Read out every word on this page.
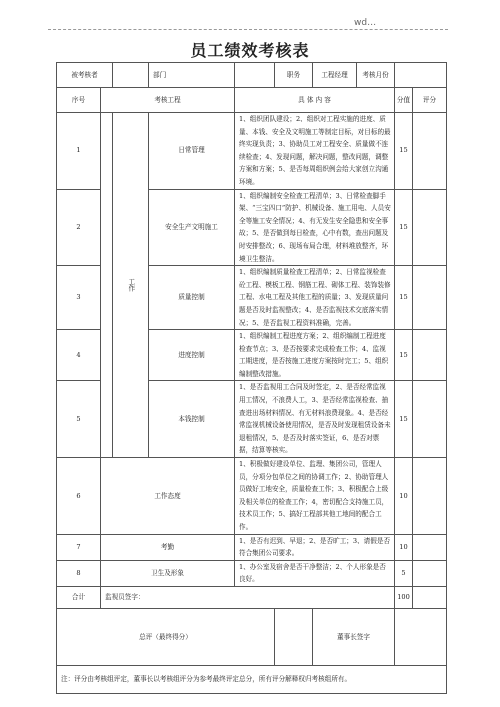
wd…
员工绩效考核表
被考核者			部门		职务	工程经理	考核月份		
序号	考核工程			具 体 内 容				分值	评分
1		工作	日常管理	1、组织团队建设；2、组织对工程实施的进度、质量、本钱、安全及文明施工等制定目标，对目标的最终实现负责；3、协助员工对工程安全、质量做不连续检查；4、发现问题，解决问题，整改问题，调整方案和方案；5、是否每周组织例会给大家创立沟通环境。				15	
2			安全生产文明施工	1、组织编制安全检查工程清单；3、日常检查脚手架、“三宝四口”防护、机械设备、施工用电、人员安全等施工安全情况；4、有无发生安全隐患和安全事故；5、是否做到每日检查，心中有数，查出问题及时安排整改；6、现场布局合理，材料堆放整齐，环境卫生整洁。				15	
3			质量控制	1、组织编制质量检查工程清单；2、日常监视检查砼工程、模板工程、钢筋工程、砌体工程、装饰装修工程、水电工程及其他工程的质量；3、发现质量问题是否及时监视整改；4、是否监视技术交底落实情况；5、是否监视工程资料准确，完善。				15	
4			进度控制	1、组织编制工程进度方案；2、组织编制工程进度检查节点；3、是否按要求完成检查工作；4、监视工期进度，是否按施工进度方案按时完工；5、组织编制整改措施。				15	
5			本钱控制	1、是否监视用工合同及时签定，2、是否经常监视用工情况，不浪费人工，3、是否经常监视检查、抽查进出场材料情况、有无材料浪费现象。4、是否经常监视机械设备使用情况，是否及时发现租赁设备未退租情况，5、是否及时落实签证，6、是否对票据，结算等核实。				15	
6	工作态度			1、积极做好建设单位、监理、集团公司，管理人员，分项分包单位之间的协调工作；2、协助管理人员做好工地安全，质量检查工作；3、积极配合上级及相关单位的检查工作；4，密切配合支持施工员，技术员工作；5、搞好工程部其他工地间的配合工作。				10	
7	考勤			1、是否有迟到、早退；2、是否旷工；3、请假是否符合集团公司要求。				10	
8	卫生及形象			1、办公室及宿舍是否干净整洁；2、个人形象是否良好。				5	
合计	监视员签字：							100	
总评（最终得分）						董事长签字			
注：评分由考核组评定，董事长以考核组评分为参考最终评定总分，所有评分解释权归考核组所有。									
